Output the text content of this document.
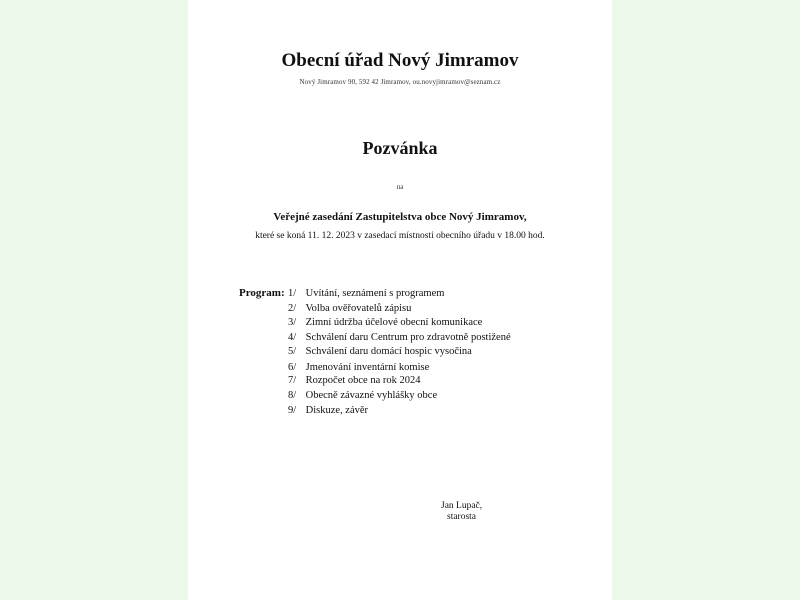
Obecní úřad Nový Jimramov
Nový Jimramov 90, 592 42 Jimramov, ou.novyjimramov@seznam.cz
Pozvánka
na
Veřejné zasedání Zastupitelstva obce Nový Jimramov,
které se koná 11. 12. 2023 v zasedací místnosti obecního úřadu v 18.00 hod.
Program: 1/ Uvítání, seznámení s programem
2/ Volba ověřovatelů zápisu
3/ Zimní údržba účelové obecní komunikace
4/ Schválení daru Centrum pro zdravotně postižené
5/ Schválení daru domácí hospic vysočina
6/ Jmenování inventární komise
7/ Rozpočet obce na rok 2024
8/ Obecně závazné vyhlášky obce
9/ Diskuze, závěr
Jan Lupač,
starosta
